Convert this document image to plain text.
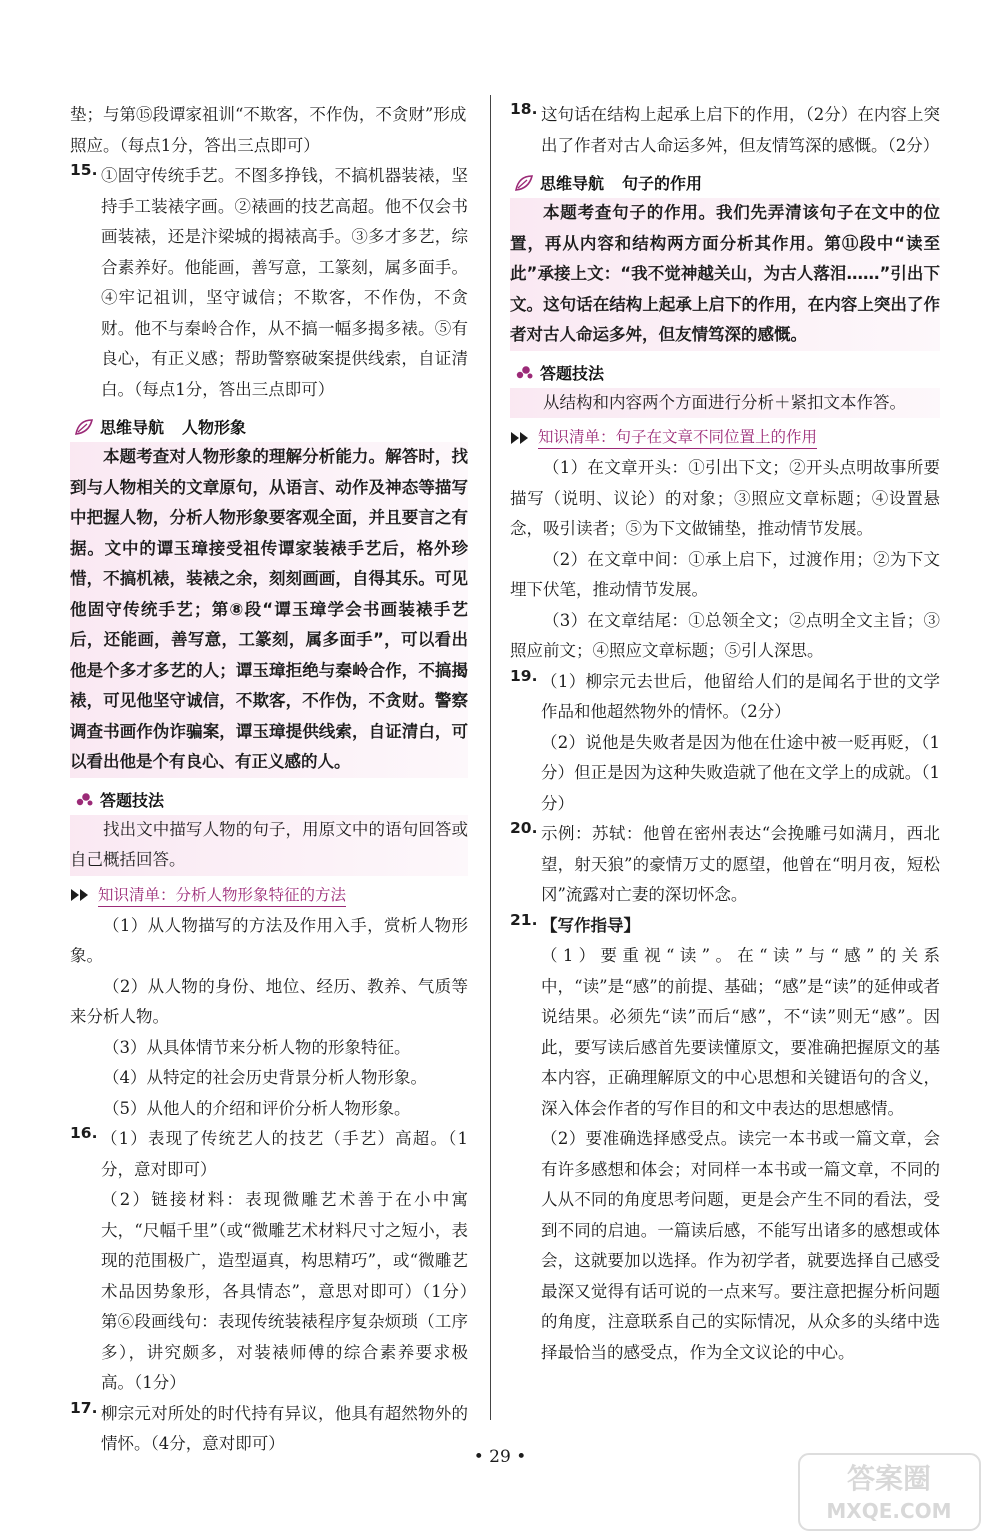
垫；与第⑮段谭家祖训“不欺客，不作伪，不贪财”形成

照应。（每点1分，答出三点即可）

15. ①固守传统手艺。不图多挣钱，不搞机器装裱，坚持手工装裱字画。②裱画的技艺高超。他不仅会书画装裱，还是汴梁城的揭裱高手。③多才多艺，综合素养好。他能画，善写意，工篆刻，属多面手。④牢记祖训，坚守诚信；不欺客，不作伪，不贪财。他不与秦岭合作，从不搞一幅多揭多裱。⑤有良心，有正义感；帮助警察破案提供线索，自证清白。（每点1分，答出三点即可）

思维导航 人物形象

本题考查对人物形象的理解分析能力。解答时，找到与人物相关的文章原句，从语言、动作及神态等描写中把握人物，分析人物形象要客观全面，并且要言之有据。文中的谭玉璋接受祖传谭家装裱手艺后，格外珍惜，不搞机裱，装裱之余，刻刻画画，自得其乐。可见他固守传统手艺；第⑧段“谭玉璋学会书画装裱手艺后，还能画，善写意，工篆刻，属多面手”，可以看出他是个多才多艺的人；谭玉璋拒绝与秦岭合作，不搞揭裱，可见他坚守诚信，不欺客，不作伪，不贪财。警察调查书画作伪诈骗案，谭玉璋提供线索，自证清白，可以看出他是个有良心、有正义感的人。

答题技法

找出文中描写人物的句子，用原文中的语句回答或自己概括回答。

知识清单：分析人物形象特征的方法

（1）从人物描写的方法及作用入手，赏析人物形象。

（2）从人物的身份、地位、经历、教养、气质等来分析人物。

（3）从具体情节来分析人物的形象特征。

（4）从特定的社会历史背景分析人物形象。

（5）从他人的介绍和评价分析人物形象。

16. （1）表现了传统艺人的技艺（手艺）高超。（1分，意对即可）

（2）链接材料：表现微雕艺术善于在小中寓大，“尺幅千里”（或“微雕艺术材料尺寸之短小，表现的范围极广，造型逼真，构思精巧”，或“微雕艺术品因势象形，各具情态”，意思对即可）（1分）　第⑥段画线句：表现传统装裱程序复杂烦琐（工序多），讲究颇多，对装裱师傅的综合素养要求极高。（1分）

17. 柳宗元对所处的时代持有异议，他具有超然物外的情怀。（4分，意对即可）

18. 这句话在结构上起承上启下的作用，（2分）在内容上突出了作者对古人命运多舛，但友情笃深的感慨。（2分）

思维导航 句子的作用

本题考查句子的作用。我们先弄清该句子在文中的位置，再从内容和结构两方面分析其作用。第⑪段中“读至此”承接上文：“我不觉神越关山，为古人落泪……”引出下文。这句话在结构上起承上启下的作用，在内容上突出了作者对古人命运多舛，但友情笃深的感慨。

答题技法

从结构和内容两个方面进行分析＋紧扣文本作答。

知识清单：句子在文章不同位置上的作用

（1）在文章开头：①引出下文；②开头点明故事所要描写（说明、议论）的对象；③照应文章标题；④设置悬念，吸引读者；⑤为下文做铺垫，推动情节发展。

（2）在文章中间：①承上启下，过渡作用；②为下文埋下伏笔，推动情节发展。

（3）在文章结尾：①总领全文；②点明全文主旨；③照应前文；④照应文章标题；⑤引人深思。

19. （1）柳宗元去世后，他留给人们的是闻名于世的文学作品和他超然物外的情怀。（2分）

（2）说他是失败者是因为他在仕途中被一贬再贬，（1分）但正是因为这种失败造就了他在文学上的成就。（1分）

20. 示例：苏轼：他曾在密州表达“会挽雕弓如满月，西北望，射天狼”的豪情万丈的愿望，他曾在“明月夜，短松冈”流露对亡妻的深切怀念。

21. 【写作指导】

（1）要重视“读”。在“读”与“感”的关系中，“读”是“感”的前提、基础；“感”是“读”的延伸或者说结果。必须先“读”而后“感”，不“读”则无“感”。因此，要写读后感首先要读懂原文，要准确把握原文的基本内容，正确理解原文的中心思想和关键语句的含义，深入体会作者的写作目的和文中表达的思想感情。

（2）要准确选择感受点。读完一本书或一篇文章，会有许多感想和体会；对同样一本书或一篇文章，不同的人从不同的角度思考问题，更是会产生不同的看法，受到不同的启迪。一篇读后感，不能写出诸多的感想或体会，这就要加以选择。作为初学者，就要选择自己感受最深又觉得有话可说的一点来写。要注意把握分析问题的角度，注意联系自己的实际情况，从众多的头绪中选择最恰当的感受点，作为全文议论的中心。

• 29 •
答案圈
MXQE.COM
